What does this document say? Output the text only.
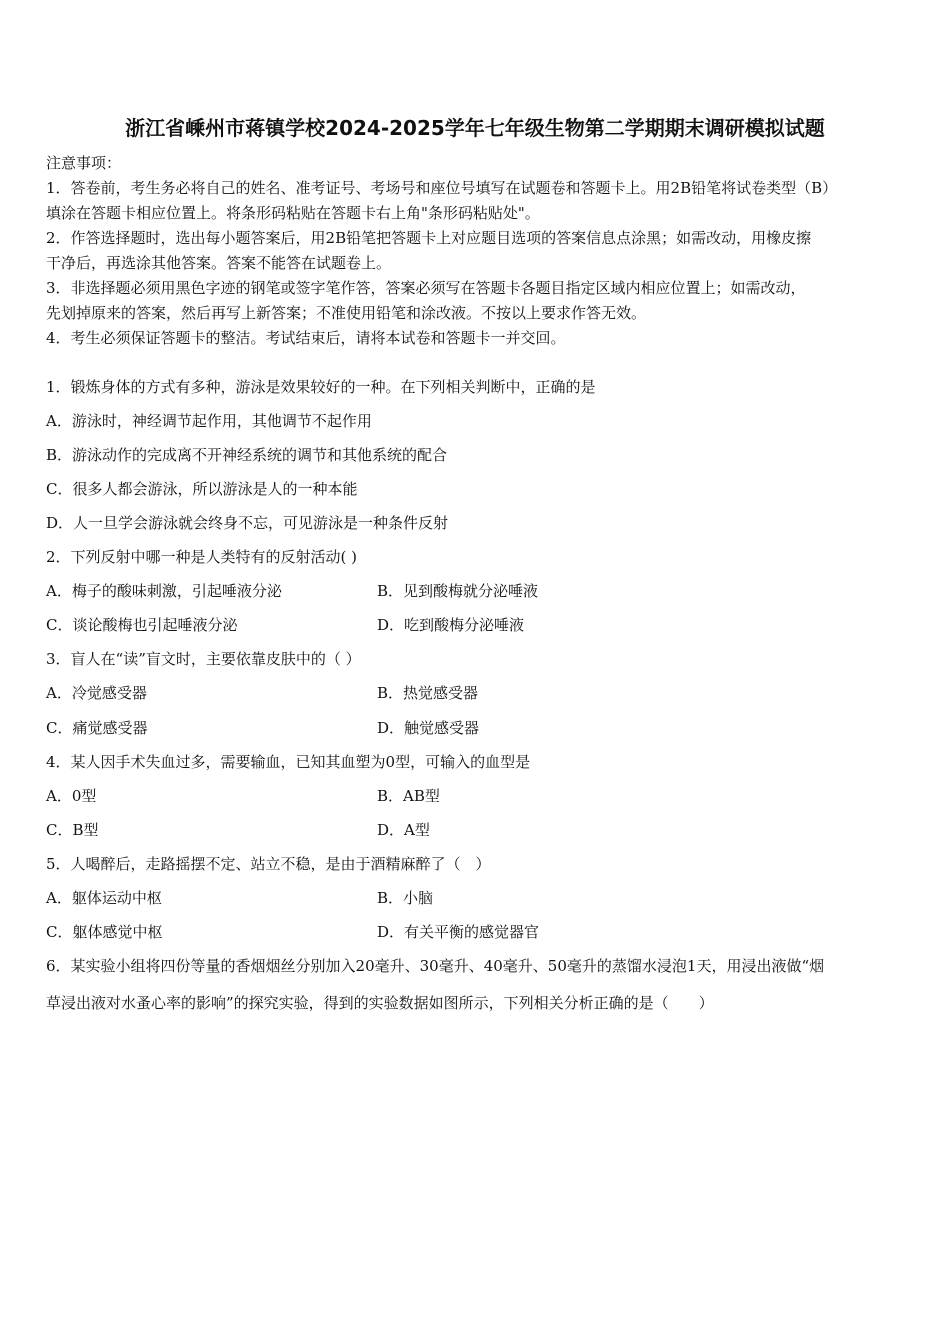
浙江省嵊州市蒋镇学校2024-2025学年七年级生物第二学期期末调研模拟试题
注意事项：
1．答卷前，考生务必将自己的姓名、准考证号、考场号和座位号填写在试题卷和答题卡上。用2B铅笔将试卷类型（B）
填涂在答题卡相应位置上。将条形码粘贴在答题卡右上角"条形码粘贴处"。
2．作答选择题时，选出每小题答案后，用2B铅笔把答题卡上对应题目选项的答案信息点涂黑；如需改动，用橡皮擦
干净后，再选涂其他答案。答案不能答在试题卷上。
3．非选择题必须用黑色字迹的钢笔或签字笔作答，答案必须写在答题卡各题目指定区域内相应位置上；如需改动，
先划掉原来的答案，然后再写上新答案；不准使用铅笔和涂改液。不按以上要求作答无效。
4．考生必须保证答题卡的整洁。考试结束后，请将本试卷和答题卡一并交回。
1．锻炼身体的方式有多种，游泳是效果较好的一种。在下列相关判断中，正确的是
A．游泳时，神经调节起作用，其他调节不起作用
B．游泳动作的完成离不开神经系统的调节和其他系统的配合
C．很多人都会游泳，所以游泳是人的一种本能
D．人一旦学会游泳就会终身不忘，可见游泳是一种条件反射
2．下列反射中哪一种是人类特有的反射活动( )
A．梅子的酸味刺激，引起唾液分泌	B．见到酸梅就分泌唾液
C．谈论酸梅也引起唾液分泌	D．吃到酸梅分泌唾液
3．盲人在“读”盲文时，主要依靠皮肤中的（ ）
A．冷觉感受器	B．热觉感受器
C．痛觉感受器	D．触觉感受器
4．某人因手术失血过多，需要输血，已知其血塑为0型，可输入的血型是
A．0型	B．AB型
C．B型	D．A型
5．人喝醉后，走路摇摆不定、站立不稳，是由于酒精麻醉了（　）
A．躯体运动中枢	B．小脑
C．躯体感觉中枢	D．有关平衡的感觉器官
6．某实验小组将四份等量的香烟烟丝分别加入20毫升、30毫升、40毫升、50毫升的蒸馏水浸泡1天，用浸出液做“烟
草浸出液对水蚤心率的影响”的探究实验，得到的实验数据如图所示，下列相关分析正确的是（　　）
